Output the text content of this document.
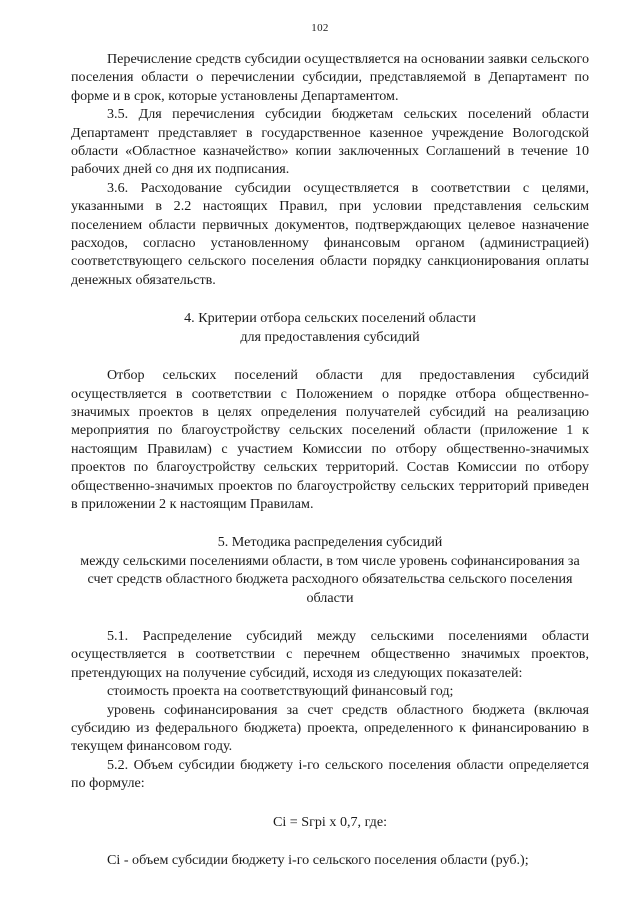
102

Перечисление средств субсидии осуществляется на основании заявки сельского поселения области о перечислении субсидии, представляемой в Департамент по форме и в срок, которые установлены Департаментом.

3.5. Для перечисления субсидии бюджетам сельских поселений области Департамент представляет в государственное казенное учреждение Вологодской области «Областное казначейство» копии заключенных Соглашений в течение 10 рабочих дней со дня их подписания.

3.6. Расходование субсидии осуществляется в соответствии с целями, указанными в 2.2 настоящих Правил, при условии представления сельским поселением области первичных документов, подтверждающих целевое назначение расходов, согласно установленному финансовым органом (администрацией) соответствующего сельского поселения области порядку санкционирования оплаты денежных обязательств.

4. Критерии отбора сельских поселений области

для предоставления субсидий

Отбор сельских поселений области для предоставления субсидий осуществляется в соответствии с Положением о порядке отбора общественно-значимых проектов в целях определения получателей субсидий на реализацию мероприятия по благоустройству сельских поселений области (приложение 1 к настоящим Правилам) с участием Комиссии по отбору общественно-значимых проектов по благоустройству сельских территорий. Состав Комиссии по отбору общественно-значимых проектов по благоустройству сельских территорий приведен в приложении 2 к настоящим Правилам.

5. Методика распределения субсидий

между сельскими поселениями области, в том числе уровень софинансирования за счет средств областного бюджета расходного обязательства сельского поселения области

5.1. Распределение субсидий между сельскими поселениями области осуществляется в соответствии с перечнем общественно значимых проектов, претендующих на получение субсидий, исходя из следующих показателей:

стоимость проекта на соответствующий финансовый год;

уровень софинансирования за счет средств областного бюджета (включая субсидию из федерального бюджета) проекта, определенного к финансированию в текущем финансовом году.

5.2. Объем субсидии бюджету i-го сельского поселения области определяется по формуле:

Ci = Sгpi х 0,7, где:

Ci - объем субсидии бюджету i-го сельского поселения области (руб.);
